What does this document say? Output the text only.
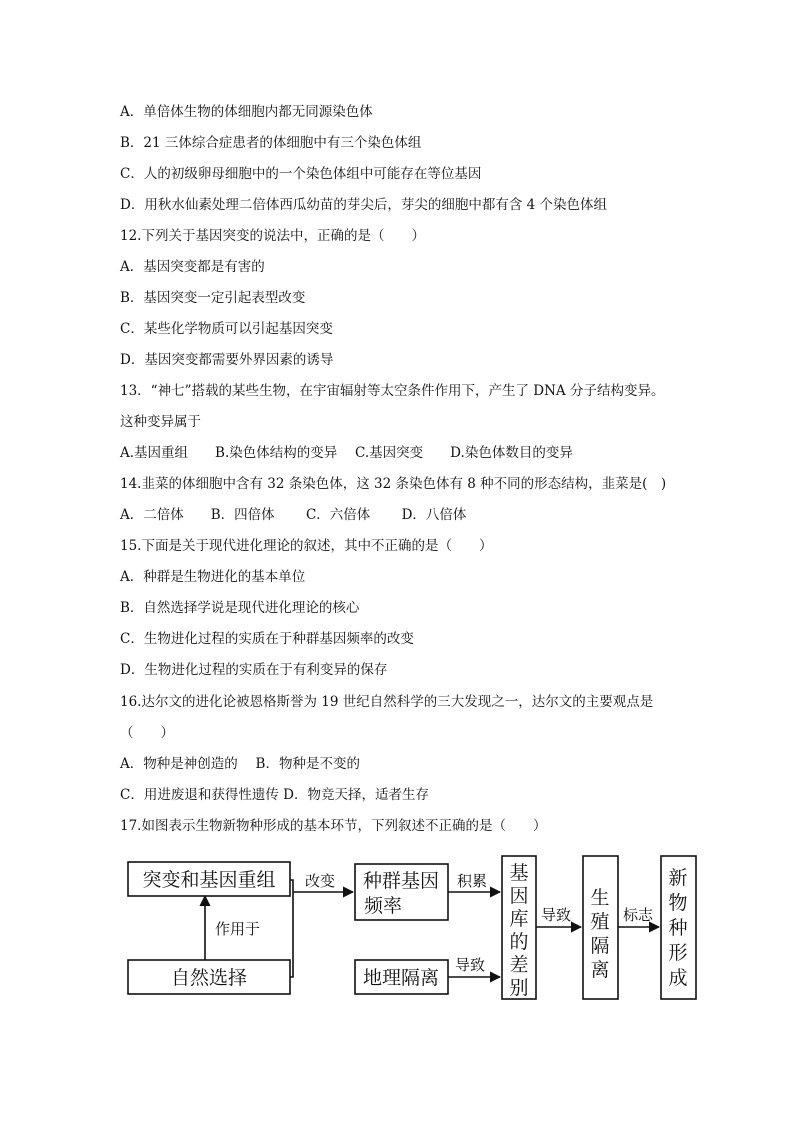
A．单倍体生物的体细胞内都无同源染色体
B．21 三体综合症患者的体细胞中有三个染色体组
C．人的初级卵母细胞中的一个染色体组中可能存在等位基因
D．用秋水仙素处理二倍体西瓜幼苗的芽尖后，芽尖的细胞中都有含 4 个染色体组
12.下列关于基因突变的说法中，正确的是（　　）
A．基因突变都是有害的
B．基因突变一定引起表型改变
C．某些化学物质可以引起基因突变
D．基因突变都需要外界因素的诱导
13．“神七”搭载的某些生物，在宇宙辐射等太空条件作用下，产生了 DNA 分子结构变异。
这种变异属于
A.基因重组　　B.染色体结构的变异　 C.基因突变　　D.染色体数目的变异
14.韭菜的体细胞中含有 32 条染色体，这 32 条染色体有 8 种不同的形态结构，韭菜是(　)
A．二倍体　　B．四倍体　　 C．六倍体　　 D．八倍体
15.下面是关于现代进化理论的叙述，其中不正确的是（　　）
A．种群是生物进化的基本单位
B．自然选择学说是现代进化理论的核心
C．生物进化过程的实质在于种群基因频率的改变
D．生物进化过程的实质在于有利变异的保存
16.达尔文的进化论被恩格斯誉为 19 世纪自然科学的三大发现之一，达尔文的主要观点是
（　　）
A．物种是神创造的　 B．物种是不变的
C．用进废退和获得性遗传 D．物竞天择，适者生存
17.如图表示生物新物种形成的基本环节，下列叙述不正确的是（　　）
突变和基因重组
自然选择
种群基因
频率
地理隔离
作用于
改变	积累
导致
导致	标志
基
因
库
的
差
别
生
殖
隔
离
新
物
种
形
成
